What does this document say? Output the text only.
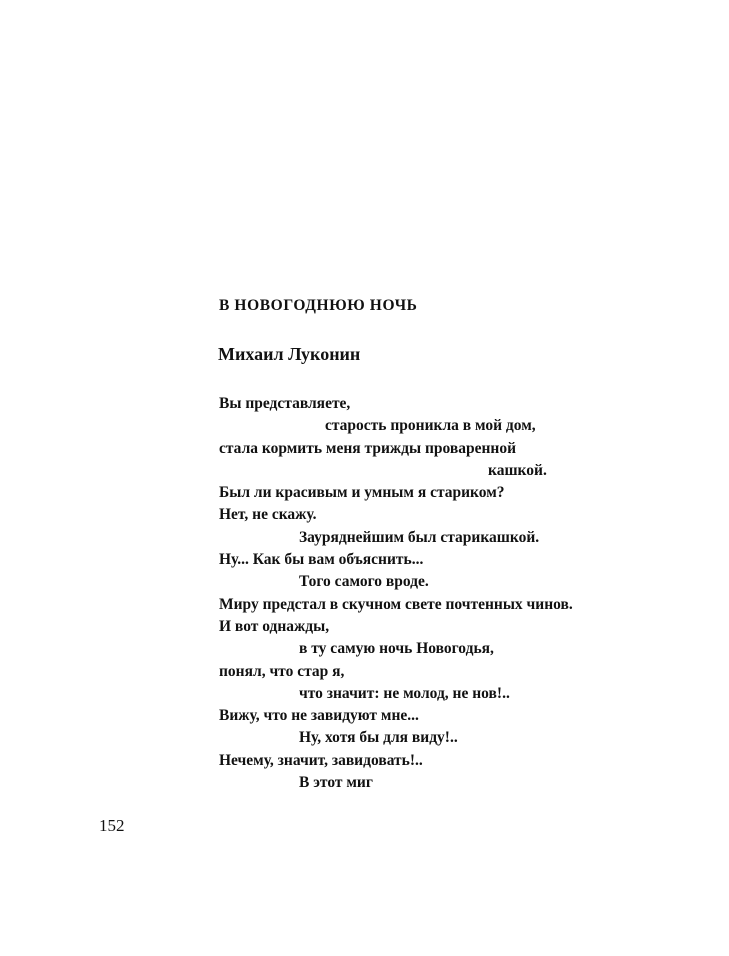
В НОВОГОДНЮЮ НОЧЬ
Михаил Луконин
Вы представляете,
старость проникла в мой дом,
стала кормить меня трижды проваренной
кашкой.
Был ли красивым и умным я стариком?
Нет, не скажу.
Зауряднейшим был старикашкой.
Ну... Как бы вам объяснить...
Того самого вроде.
Миру предстал в скучном свете почтенных чинов.
И вот однажды,
в ту самую ночь Новогодья,
понял, что стар я,
что значит: не молод, не нов!..
Вижу, что не завидуют мне...
Ну, хотя бы для виду!..
Нечему, значит, завидовать!..
В этот миг
152
